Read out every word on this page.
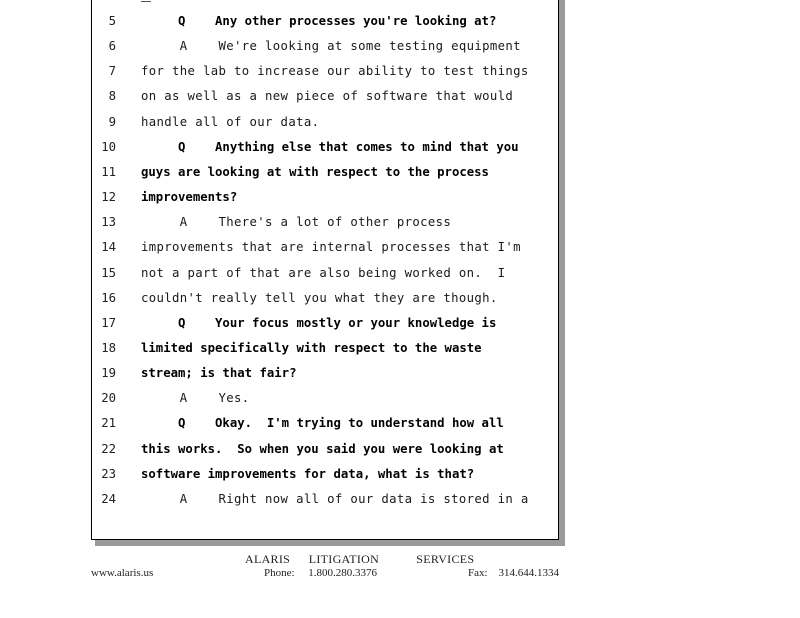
5 Q    Any other processes you're looking at?
6 A    We're looking at some testing equipment
7 for the lab to increase our ability to test things
8 on as well as a new piece of software that would
9 handle all of our data.
10 Q    Anything else that comes to mind that you
11 guys are looking at with respect to the process
12 improvements?
13 A    There's a lot of other process
14 improvements that are internal processes that I'm
15 not a part of that are also being worked on.  I
16 couldn't really tell you what they are though.
17 Q    Your focus mostly or your knowledge is
18 limited specifically with respect to the waste
19 stream; is that fair?
20 A    Yes.
21 Q    Okay.  I'm trying to understand how all
22 this works.  So when you said you were looking at
23 software improvements for data, what is that?
24 A    Right now all of our data is stored in a
ALARIS  LITIGATION    SERVICES
www.alaris.us	Phone:     1.800.280.3376	Fax:    314.644.1334
